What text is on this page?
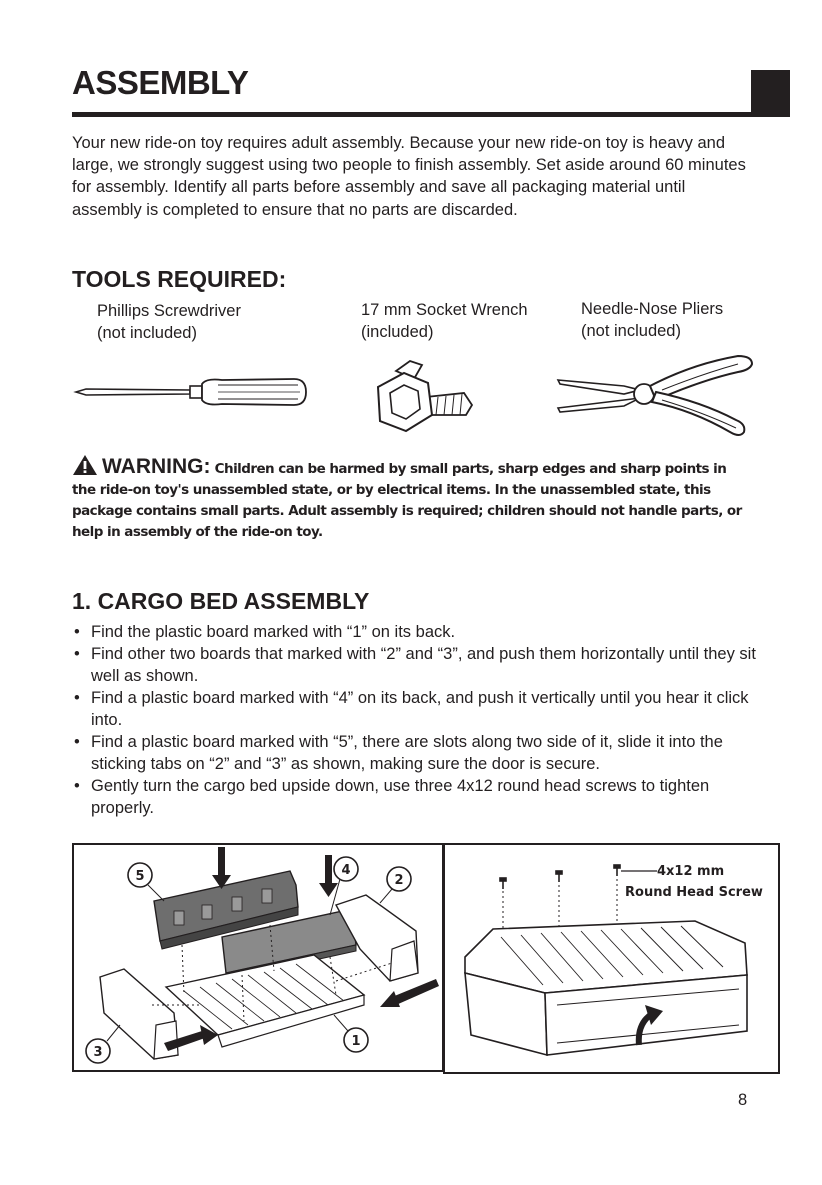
ASSEMBLY
Your new ride-on toy requires adult assembly. Because your new ride-on toy is heavy and large, we strongly suggest using two people to finish assembly. Set aside around 60 minutes for assembly. Identify all parts before assembly and save all packaging material until assembly is completed to ensure that no parts are discarded.
TOOLS REQUIRED:
Phillips Screwdriver
(not included)
17 mm Socket Wrench
(included)
Needle-Nose Pliers
(not included)
WARNING: Children can be harmed by small parts, sharp edges and sharp points in the ride-on toy's unassembled state, or by electrical items. In the unassembled state, this package contains small parts. Adult assembly is required; children should not handle parts, or help in assembly of the ride-on toy.
1. CARGO BED ASSEMBLY
• Find the plastic board marked with “1” on its back.
• Find other two boards that marked with “2” and “3”, and push them horizontally until they sit well as shown.
• Find a plastic board marked with “4” on its back, and push it vertically until you hear it click into.
• Find a plastic board marked with “5”, there are slots along two side of it, slide it into the sticking tabs on “2” and “3” as shown, making sure the door is secure.
• Gently turn the cargo bed upside down, use three 4x12 round head screws to tighten properly.
5	4
2
1
3
4x12 mm
Round Head Screw
8
